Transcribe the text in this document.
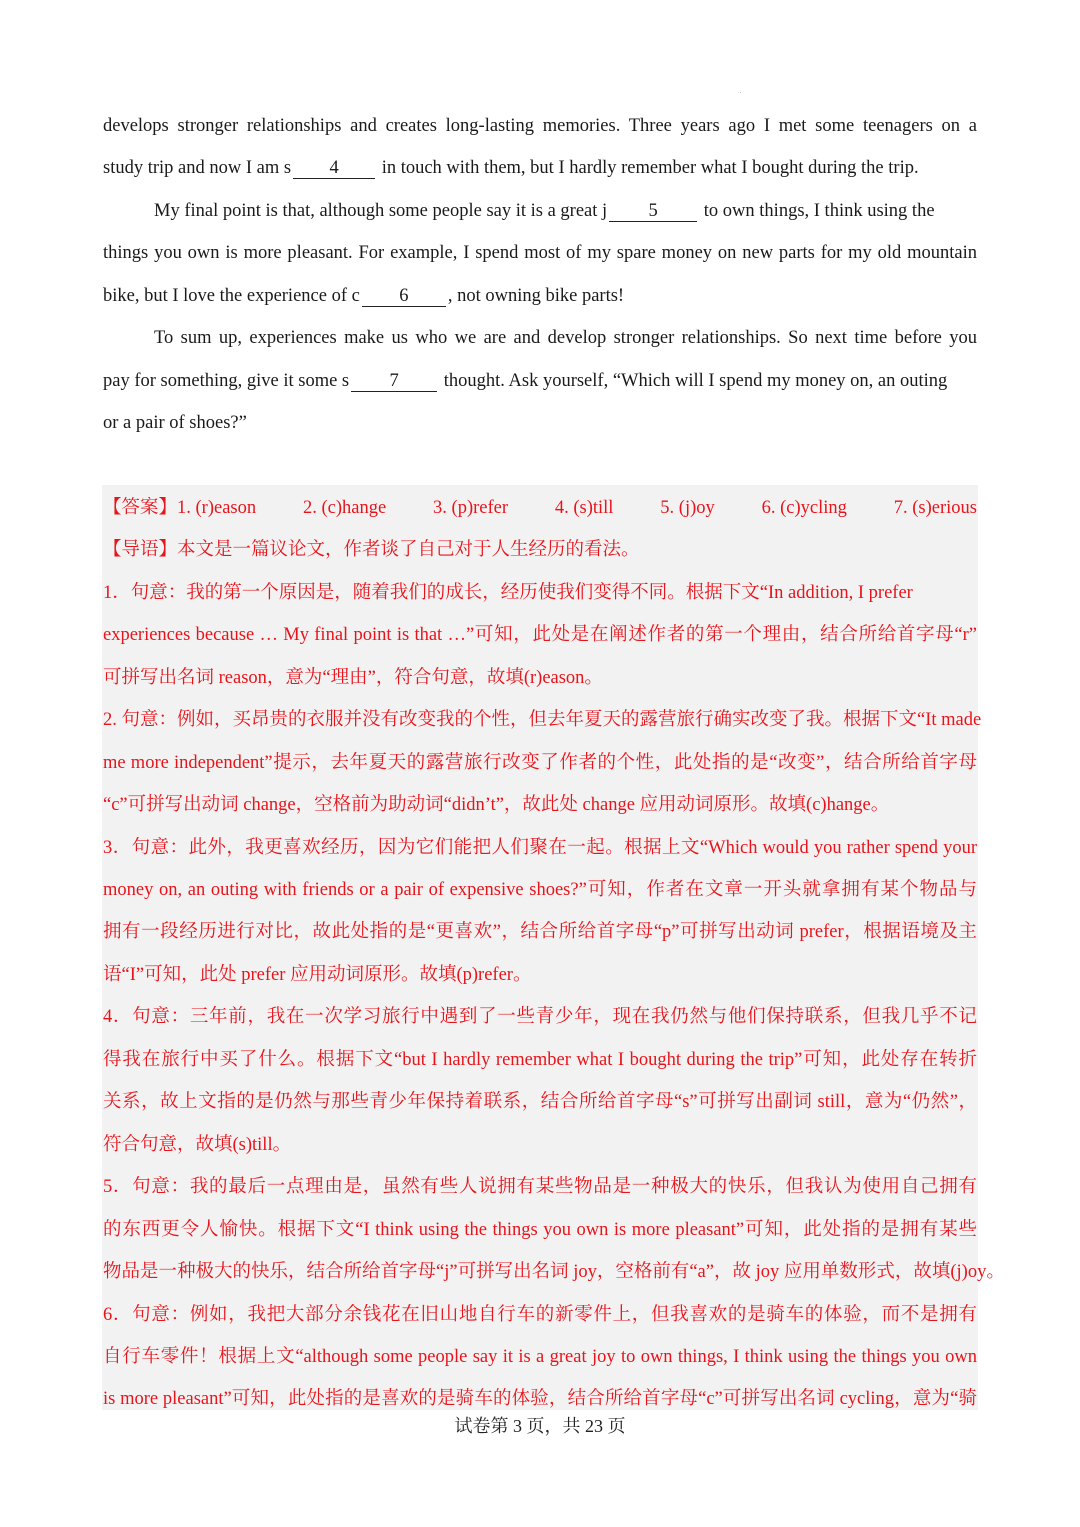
develops stronger relationships and creates long-lasting memories. Three years ago I met some teenagers on a
study trip and now I am s 4 in touch with them, but I hardly remember what I bought during the trip.
My final point is that, although some people say it is a great j 5 to own things, I think using the
things you own is more pleasant. For example, I spend most of my spare money on new parts for my old mountain
bike, but I love the experience of c 6 , not owning bike parts!
To sum up, experiences make us who we are and develop stronger relationships. So next time before you
pay for something, give it some s 7 thought. Ask yourself, “Which will I spend my money on, an outing
or a pair of shoes?”
【答案】1. (r)eason	2. (c)hange	3. (p)refer	4. (s)till	5. (j)oy	6. (c)ycling	7. (s)erious
【导语】本文是一篇议论文，作者谈了自己对于人生经历的看法。
1．句意：我的第一个原因是，随着我们的成长，经历使我们变得不同。根据下文“In addition, I prefer
experiences because … My final point is that …”可知，此处是在阐述作者的第一个理由，结合所给首字母“r”
可拼写出名词 reason，意为“理由”，符合句意，故填(r)eason。
2. 句意：例如，买昂贵的衣服并没有改变我的个性，但去年夏天的露营旅行确实改变了我。根据下文“It made
me more independent”提示，去年夏天的露营旅行改变了作者的个性，此处指的是“改变”，结合所给首字母
“c”可拼写出动词 change，空格前为助动词“didn’t”，故此处 change 应用动词原形。故填(c)hange。
3．句意：此外，我更喜欢经历，因为它们能把人们聚在一起。根据上文“Which would you rather spend your
money on, an outing with friends or a pair of expensive shoes?”可知，作者在文章一开头就拿拥有某个物品与
拥有一段经历进行对比，故此处指的是“更喜欢”，结合所给首字母“p”可拼写出动词 prefer，根据语境及主
语“I”可知，此处 prefer 应用动词原形。故填(p)refer。
4．句意：三年前，我在一次学习旅行中遇到了一些青少年，现在我仍然与他们保持联系，但我几乎不记
得我在旅行中买了什么。根据下文“but I hardly remember what I bought during the trip”可知，此处存在转折
关系，故上文指的是仍然与那些青少年保持着联系，结合所给首字母“s”可拼写出副词 still，意为“仍然”，
符合句意，故填(s)till。
5．句意：我的最后一点理由是，虽然有些人说拥有某些物品是一种极大的快乐，但我认为使用自己拥有
的东西更令人愉快。根据下文“I think using the things you own is more pleasant”可知，此处指的是拥有某些
物品是一种极大的快乐，结合所给首字母“j”可拼写出名词 joy，空格前有“a”，故 joy 应用单数形式，故填(j)oy。
6．句意：例如，我把大部分余钱花在旧山地自行车的新零件上，但我喜欢的是骑车的体验，而不是拥有
自行车零件！根据上文“although some people say it is a great joy to own things, I think using the things you own
is more pleasant”可知，此处指的是喜欢的是骑车的体验，结合所给首字母“c”可拼写出名词 cycling，意为“骑
试卷第 3 页，共 23 页
